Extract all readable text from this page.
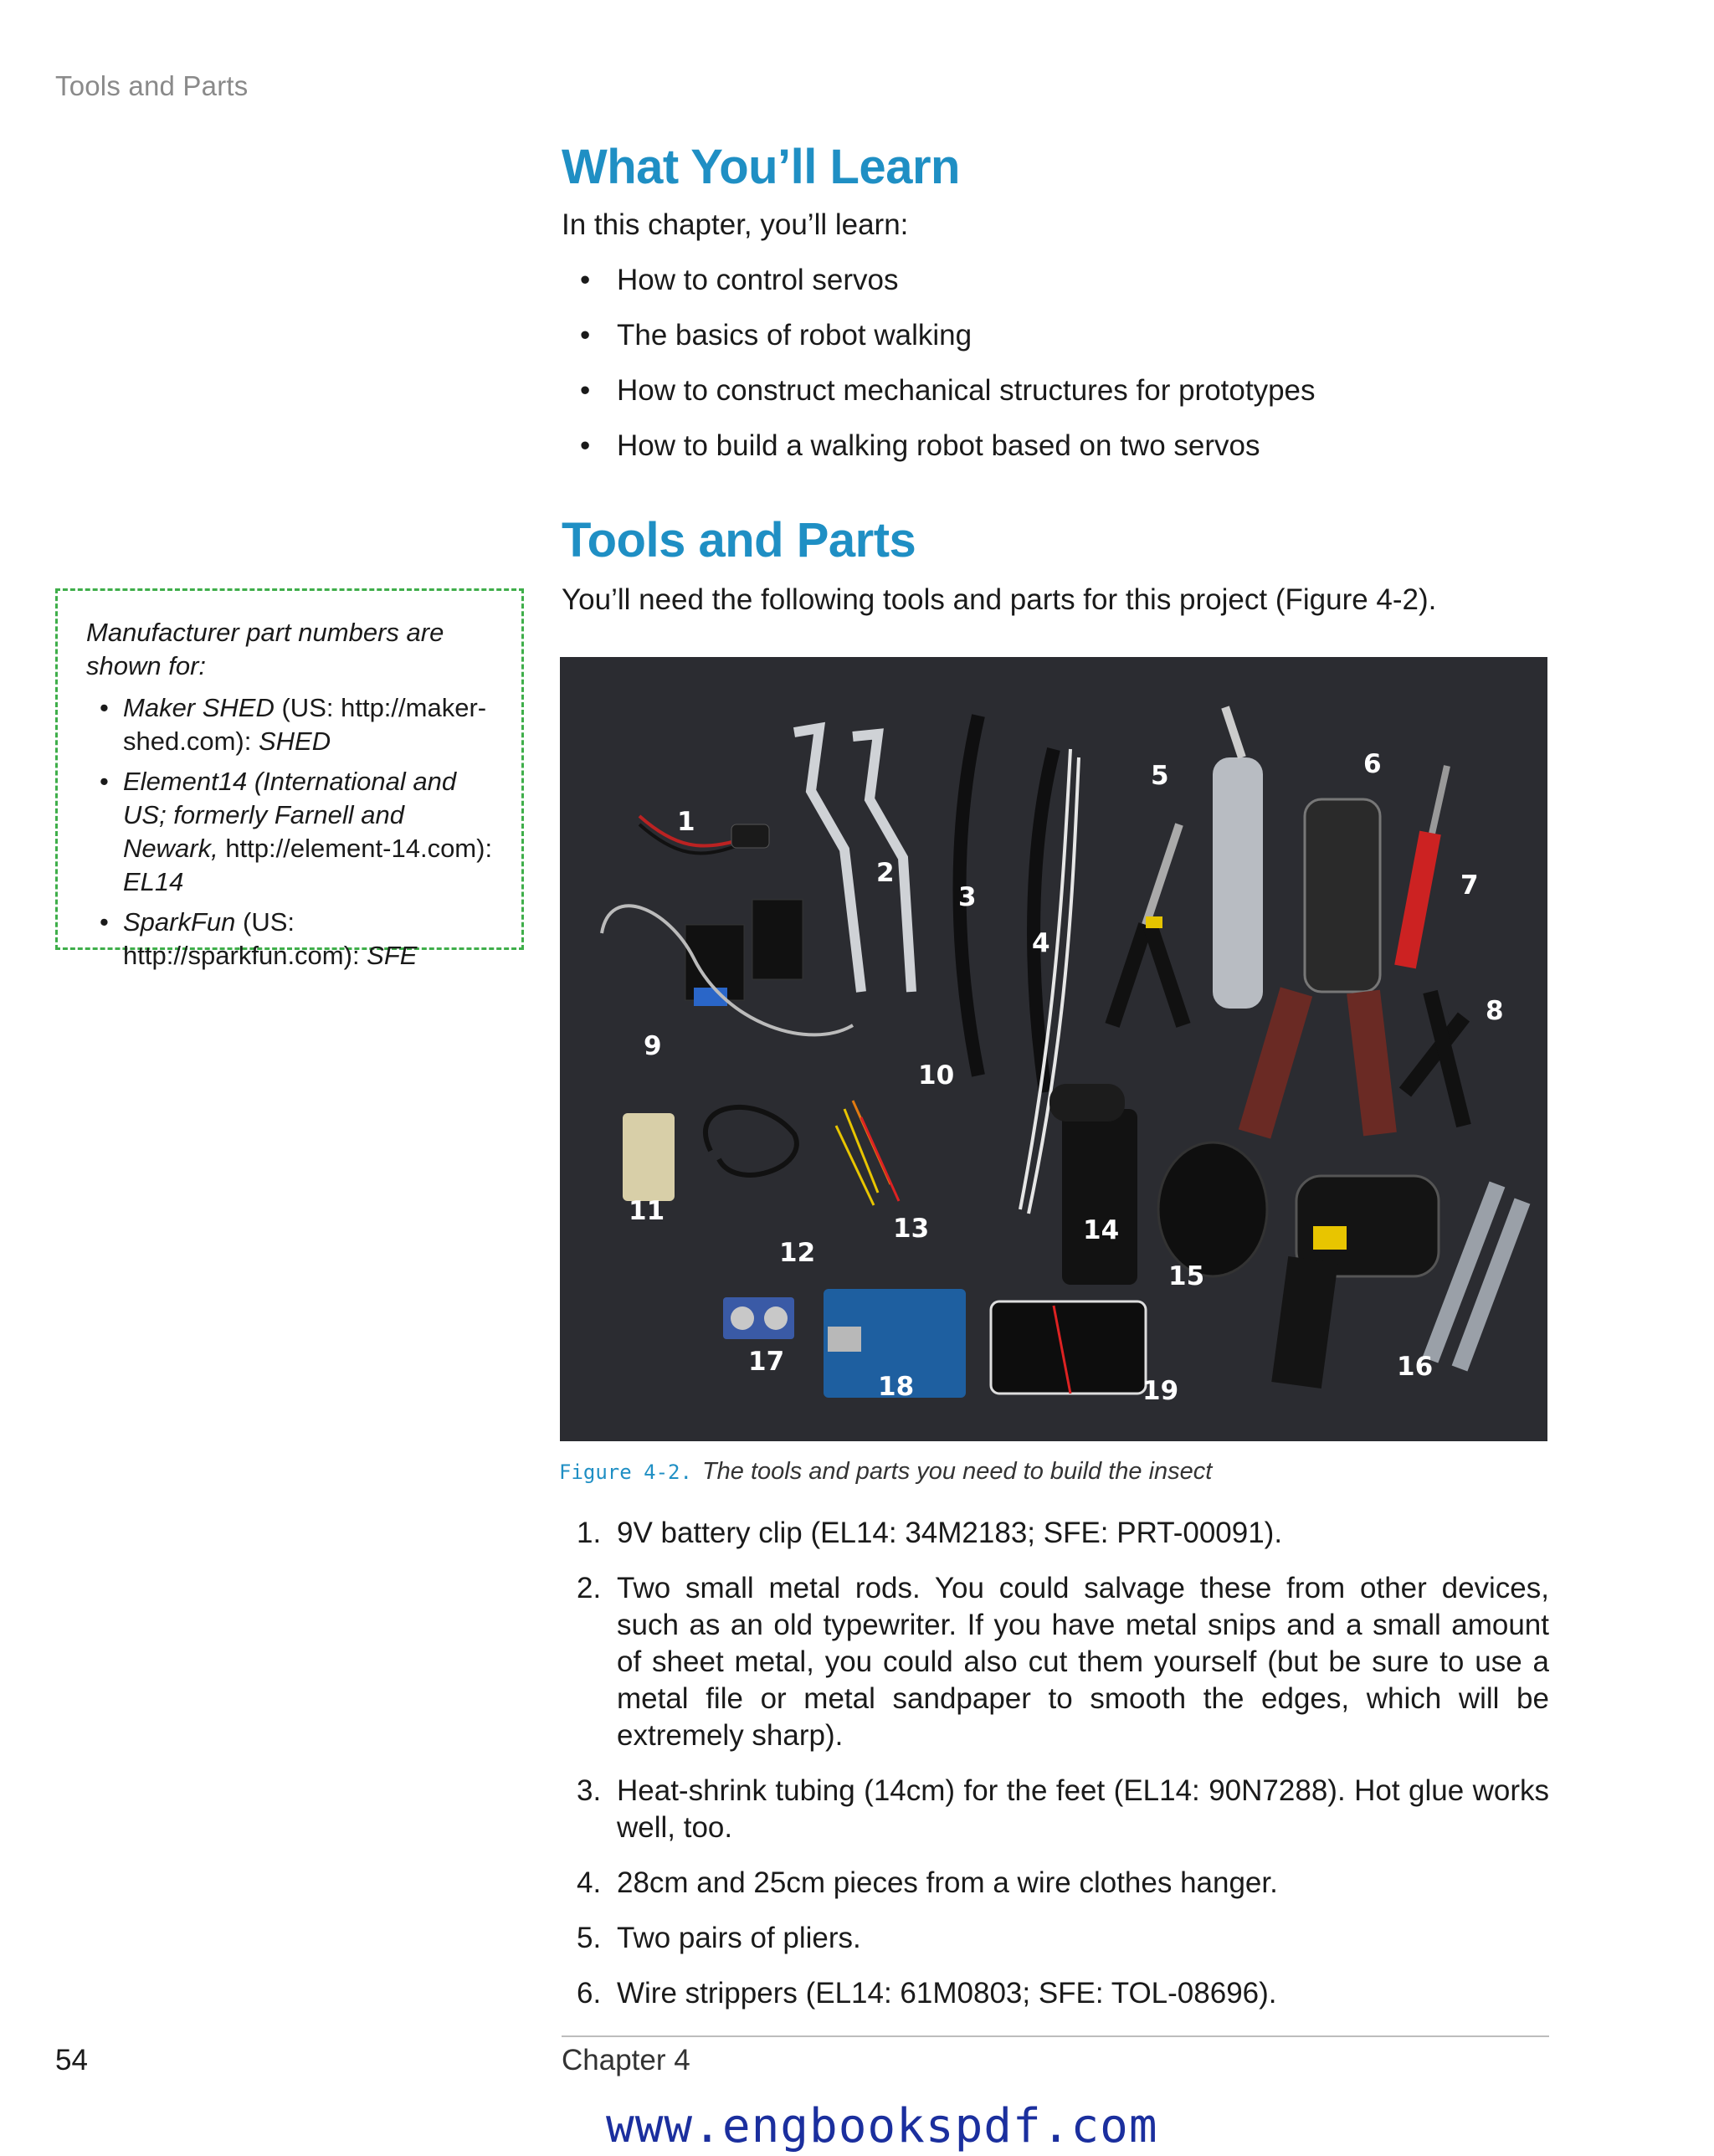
Tools and Parts
What You’ll Learn

In this chapter, you’ll learn:

• How to control servos
• The basics of robot walking
• How to construct mechanical structures for prototypes
• How to build a walking robot based on two servos
Tools and Parts

You’ll need the following tools and parts for this project (Figure 4-2).

Manufacturer part numbers are shown for:

• Maker SHED (US: http://maker-shed.com): SHED
• Element14 (International and US; formerly Farnell and Newark, http://element-14.com): EL14
• SparkFun (US: http://sparkfun.com): SFE
1
2
3
4
5	6
7
8
9
10
11
12
13	14
15
16
17
18	19
Figure 4-2. The tools and parts you need to build the insect
1. 9V battery clip (EL14: 34M2183; SFE: PRT-00091).
2. Two small metal rods. You could salvage these from other devices, such as an old typewriter. If you have metal snips and a small amount of sheet metal, you could also cut them yourself (but be sure to use a metal file or metal sandpaper to smooth the edges, which will be extremely sharp).
3. Heat-shrink tubing (14cm) for the feet (EL14: 90N7288). Hot glue works well, too.
4. 28cm and 25cm pieces from a wire clothes hanger.
5. Two pairs of pliers.
6. Wire strippers (EL14: 61M0803; SFE: TOL-08696).
54	Chapter 4
www.engbookspdf.com
